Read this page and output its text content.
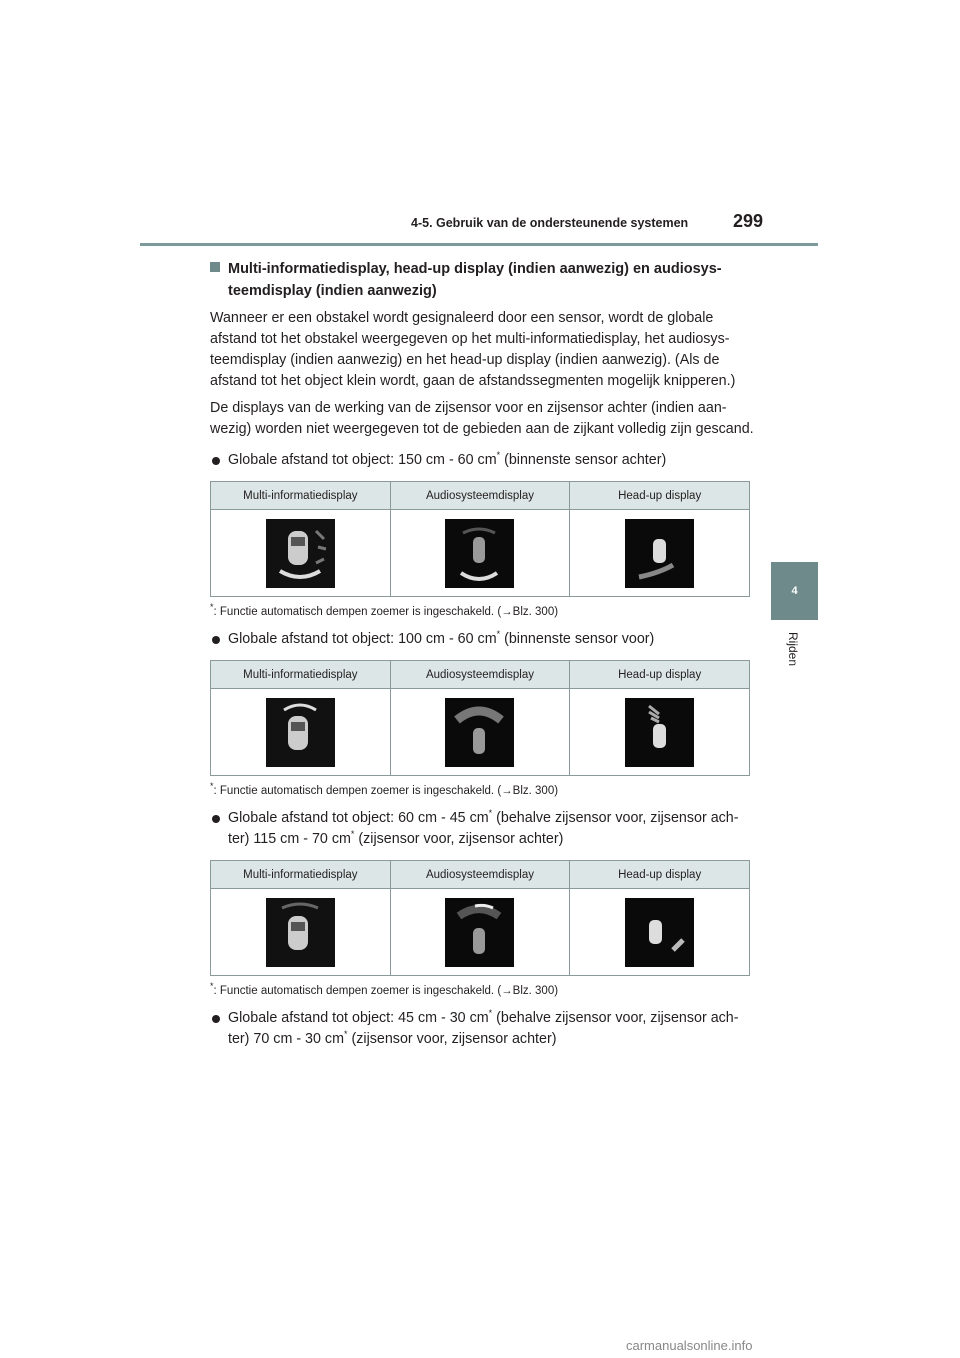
4-5. Gebruik van de ondersteunende systemen 299
4
Rijden
Multi-informatiedisplay, head-up display (indien aanwezig) en audiosys-teemdisplay (indien aanwezig)

Wanneer er een obstakel wordt gesignaleerd door een sensor, wordt de globale afstand tot het obstakel weergegeven op het multi-informatiedisplay, het audiosys-teemdisplay (indien aanwezig) en het head-up display (indien aanwezig). (Als de afstand tot het object klein wordt, gaan de afstandssegmenten mogelijk knipperen.)

De displays van de werking van de zijsensor voor en zijsensor achter (indien aan-wezig) worden niet weergegeven tot de gebieden aan de zijkant volledig zijn gescand.

Globale afstand tot object: 150 cm - 60 cm* (binnenste sensor achter)
Multi-informatiedisplay	Audiosysteemdisplay	Head-up display

*: Functie automatisch dempen zoemer is ingeschakeld. (→Blz. 300)
Globale afstand tot object: 100 cm - 60 cm* (binnenste sensor voor)
Multi-informatiedisplay	Audiosysteemdisplay	Head-up display

*: Functie automatisch dempen zoemer is ingeschakeld. (→Blz. 300)
Globale afstand tot object: 60 cm - 45 cm* (behalve zijsensor voor, zijsensor ach-ter) 115 cm - 70 cm* (zijsensor voor, zijsensor achter)
Multi-informatiedisplay	Audiosysteemdisplay	Head-up display

*: Functie automatisch dempen zoemer is ingeschakeld. (→Blz. 300)
Globale afstand tot object: 45 cm - 30 cm* (behalve zijsensor voor, zijsensor ach-ter) 70 cm - 30 cm* (zijsensor voor, zijsensor achter)
carmanualsonline.info
